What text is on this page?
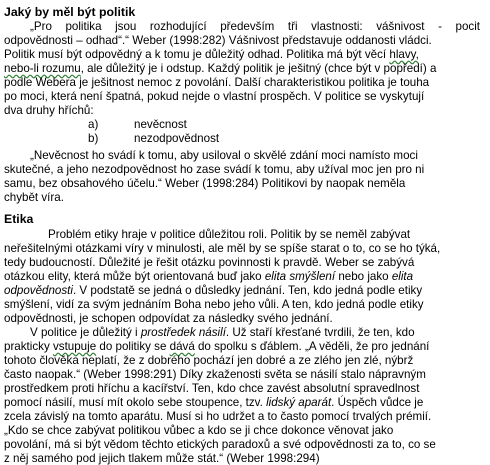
Jaký by měl být politik
„Pro politika jsou rozhodující především tři vlastnosti: vášnivost - pocit
odpovědnosti – odhad“.“ Weber (1998:282) Vášnivost představuje oddanosti vládci.
Politik musí být odpovědný a k tomu je důležitý odhad. Politika má být věcí hlavy,
nebo-li rozumu, ale důležitý je i odstup. Každý politik je ješitný (chce být v popředí) a
podle Webera je ješitnost nemoc z povolání. Další charakteristikou politika je touha
po moci, která není špatná, pokud nejde o vlastní prospěch. V politice se vyskytují
dva druhy hříchů:
a)	nevěcnost
b)	nezodpovědnost
„Nevěcnost ho svádí k tomu, aby usiloval o skvělé zdání moci namísto moci
skutečné, a jeho nezodpovědnost ho zase svádí k tomu, aby užíval moc jen pro ni
samu, bez obsahového účelu.“ Weber (1998:284) Politikovi by naopak neměla
chybět víra.
Etika
Problém etiky hraje v politice důležitou roli. Politik by se neměl zabývat
neřešitelnými otázkami víry v minulosti, ale měl by se spíše starat o to, co se ho týká,
tedy budoucností. Důležité je řešit otázku povinnosti k pravdě. Weber se zabývá
otázkou elity, která může být orientovaná buď jako elita smýšlení nebo jako elita
odpovědnosti. V podstatě se jedná o důsledky jednání. Ten, kdo jedná podle etiky
smýšlení, vidí za svým jednáním Boha nebo jeho vůli. A ten, kdo jedná podle etiky
odpovědnosti, je schopen odpovídat za následky svého jednání.
V politice je důležitý i prostředek násilí. Už staří křesťané tvrdili, že ten, kdo
prakticky vstupuje do politiky se dává do spolku s ďáblem. „A věděli, že pro jednání
tohoto člověka neplatí, že z dobrého pochází jen dobré a ze zlého jen zlé, nýbrž
často naopak.“ (Weber 1998:291) Díky zkaženosti světa se násilí stalo nápravným
prostředkem proti hříchu a kacířství. Ten, kdo chce zavést absolutní spravedlnost
pomocí násilí, musí mít okolo sebe stoupence, tzv. lidský aparát. Úspěch vůdce je
zcela závislý na tomto aparátu. Musí si ho udržet a to často pomocí trvalých prémií.
„Kdo se chce zabývat politikou vůbec a kdo se ji chce dokonce věnovat jako
povolání, má si být vědom těchto etických paradoxů a své odpovědnosti za to, co se
z něj samého pod jejich tlakem může stát.“ (Weber 1998:294)
